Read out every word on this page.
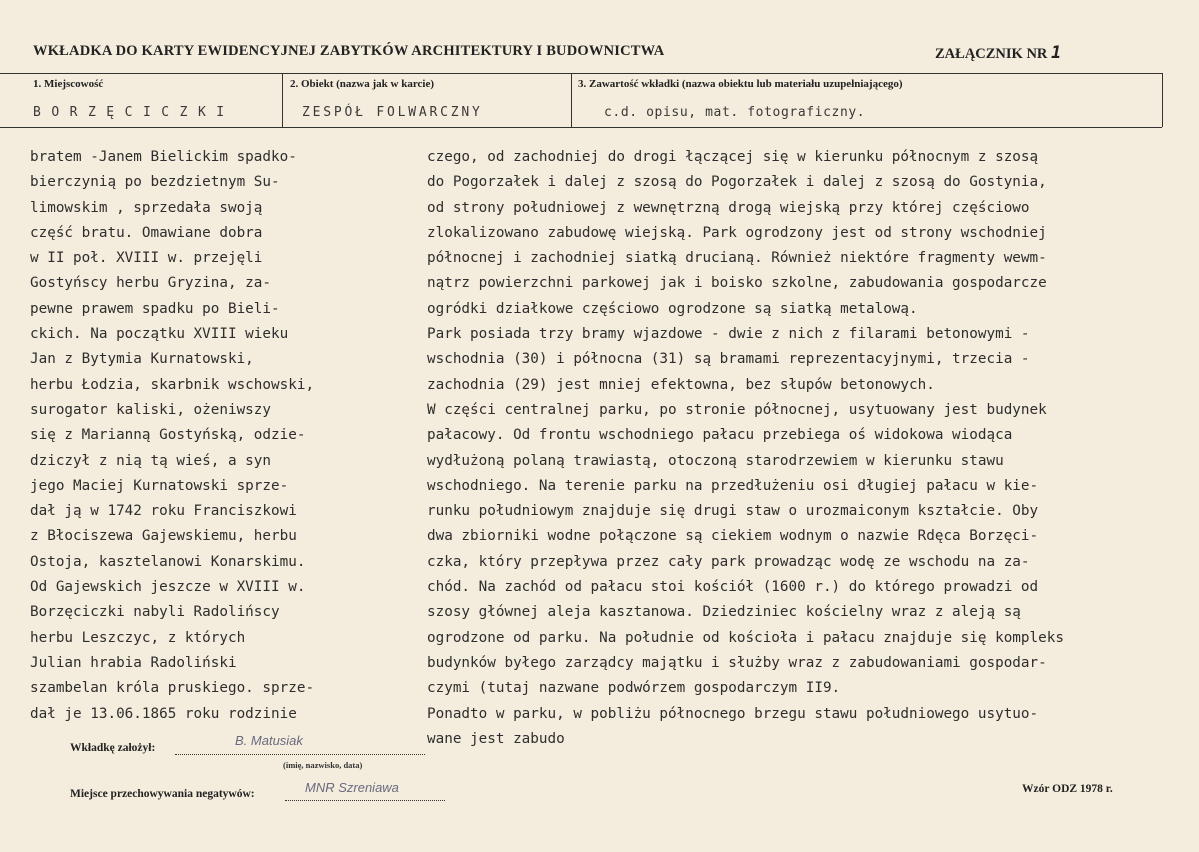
WKŁADKA DO KARTY EWIDENCYJNEJ ZABYTKÓW ARCHITEKTURY I BUDOWNICTWA	ZAŁĄCZNIK NR 1
1. Miejscowość	2. Obiekt (nazwa jak w karcie)	3. Zawartość wkładki (nazwa obiektu lub materiału uzupełniającego)
BORZĘCICZKI	ZESPÓŁ FOLWARCZNY	c.d. opisu, mat. fotograficzny.
bratem -Janem Bielickim spadko-
bierczynią po bezdzietnym Su-
limowskim , sprzedała swoją
część bratu. Omawiane dobra
w II poł. XVIII w. przejęli
Gostyńscy herbu Gryzina, za-
pewne prawem spadku po Bieli-
ckich. Na początku XVIII wieku
Jan z Bytymia Kurnatowski,
herbu Łodzia, skarbnik wschowski,
surogator kaliski, ożeniwszy
się z Marianną Gostyńską, odzie-
dziczył z nią tą wieś, a syn
jego Maciej Kurnatowski sprze-
dał ją w 1742 roku Franciszkowi
z Błociszewa Gajewskiemu, herbu
Ostoja, kasztelanowi Konarskimu.
Od Gajewskich jeszcze w XVIII w.
Borzęciczki nabyli Radolińscy
herbu Leszczyc, z których
Julian hrabia Radoliński
szambelan króla pruskiego. sprze-
dał je 13.06.1865 roku rodzinie
czego, od zachodniej do drogi łączącej się w kierunku północnym z szosą
do Pogorzałek i dalej z szosą do Pogorzałek i dalej z szosą do Gostynia,
od strony południowej z wewnętrzną drogą wiejską przy której częściowo
zlokalizowano zabudowę wiejską. Park ogrodzony jest od strony wschodniej
północnej i zachodniej siatką drucianą. Również niektóre fragmenty wewm-
nątrz powierzchni parkowej jak i boisko szkolne, zabudowania gospodarcze
ogródki działkowe częściowo ogrodzone są siatką metalową.
Park posiada trzy bramy wjazdowe - dwie z nich z filarami betonowymi -
wschodnia (30) i północna (31) są bramami reprezentacyjnymi, trzecia -
zachodnia (29) jest mniej efektowna, bez słupów betonowych.
W części centralnej parku, po stronie północnej, usytuowany jest budynek
pałacowy. Od frontu wschodniego pałacu przebiega oś widokowa wiodąca
wydłużoną polaną trawiastą, otoczoną starodrzewiem w kierunku stawu
wschodniego. Na terenie parku na przedłużeniu osi długiej pałacu w kie-
runku południowym znajduje się drugi staw o urozmaiconym kształcie. Oby
dwa zbiorniki wodne połączone są ciekiem wodnym o nazwie Rdęca Borzęci-
czka, który przepływa przez cały park prowadząc wodę ze wschodu na za-
chód. Na zachód od pałacu stoi kościół (1600 r.) do którego prowadzi od
szosy głównej aleja kasztanowa. Dziedziniec kościelny wraz z aleją są
ogrodzone od parku. Na południe od kościoła i pałacu znajduje się kompleks
budynków byłego zarządcy majątku i służby wraz z zabudowaniami gospodar-
czymi (tutaj nazwane podwórzem gospodarczym II9.
Ponadto w parku, w pobliżu północnego brzegu stawu południowego usytuo-
wane jest zabudo
Wkładkę założył:	B. Matusiak
(imię, nazwisko, data)
Miejsce przechowywania negatywów:	MNR Szreniawa	Wzór ODZ 1978 r.
